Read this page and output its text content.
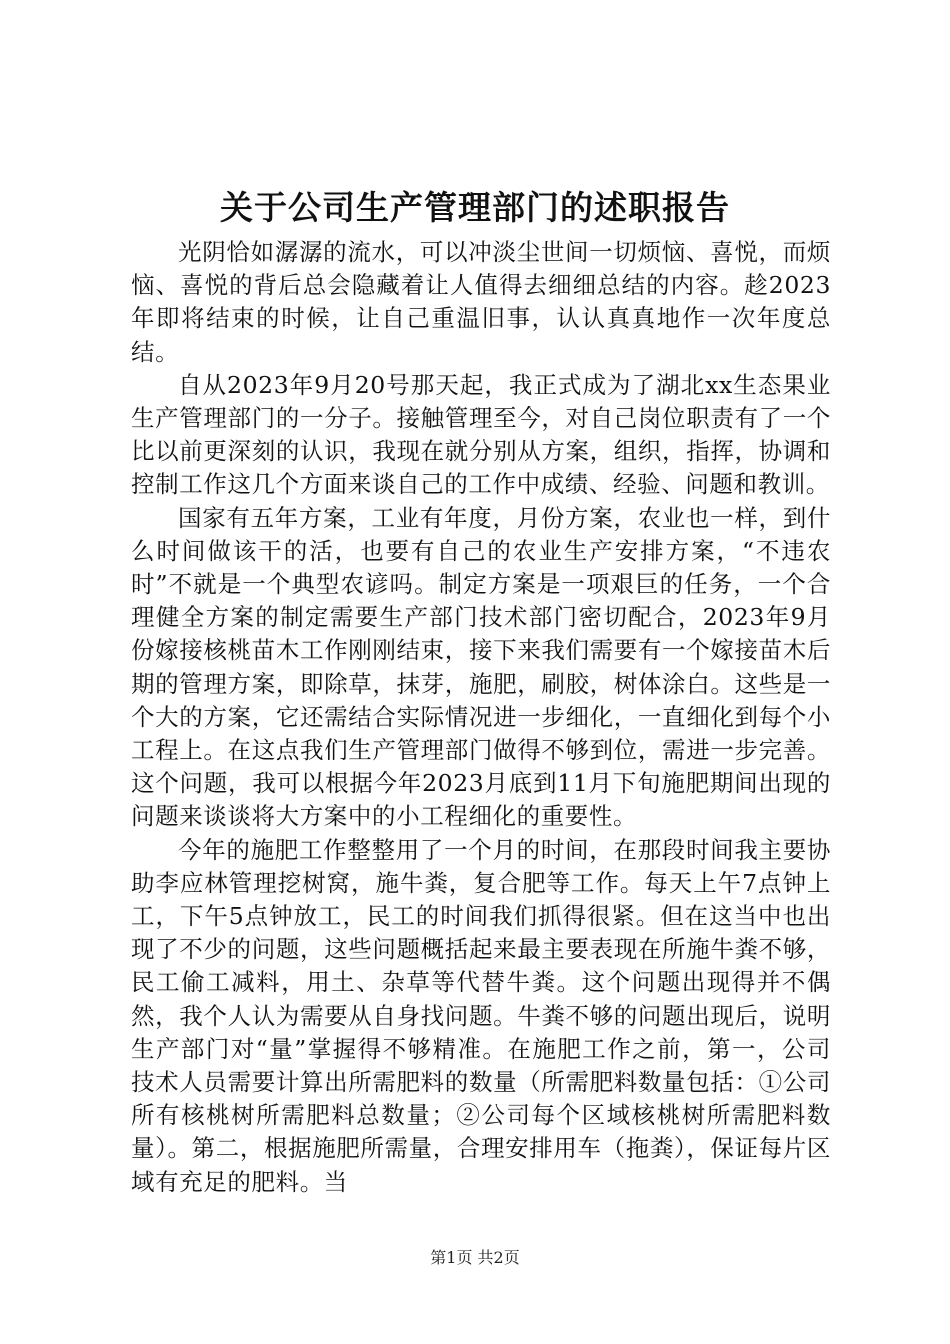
关于公司生产管理部门的述职报告

光阴恰如潺潺的流水，可以冲淡尘世间一切烦恼、喜悦，而烦恼、喜悦的背后总会隐藏着让人值得去细细总结的内容。趁2023年即将结束的时候，让自己重温旧事，认认真真地作一次年度总结。

自从2023年9月20号那天起，我正式成为了湖北xx生态果业生产管理部门的一分子。接触管理至今，对自己岗位职责有了一个比以前更深刻的认识，我现在就分别从方案，组织，指挥，协调和控制工作这几个方面来谈自己的工作中成绩、经验、问题和教训。

国家有五年方案，工业有年度，月份方案，农业也一样，到什么时间做该干的活，也要有自己的农业生产安排方案，“不违农时”不就是一个典型农谚吗。制定方案是一项艰巨的任务，一个合理健全方案的制定需要生产部门技术部门密切配合，2023年9月份嫁接核桃苗木工作刚刚结束，接下来我们需要有一个嫁接苗木后期的管理方案，即除草，抹芽，施肥，刷胶，树体涂白。这些是一个大的方案，它还需结合实际情况进一步细化，一直细化到每个小工程上。在这点我们生产管理部门做得不够到位，需进一步完善。这个问题，我可以根据今年2023月底到11月下旬施肥期间出现的问题来谈谈将大方案中的小工程细化的重要性。

今年的施肥工作整整用了一个月的时间，在那段时间我主要协助李应林管理挖树窝，施牛粪，复合肥等工作。每天上午7点钟上工，下午5点钟放工，民工的时间我们抓得很紧。但在这当中也出现了不少的问题，这些问题概括起来最主要表现在所施牛粪不够，民工偷工减料，用土、杂草等代替牛粪。这个问题出现得并不偶然，我个人认为需要从自身找问题。牛粪不够的问题出现后，说明生产部门对“量”掌握得不够精准。在施肥工作之前，第一，公司技术人员需要计算出所需肥料的数量（所需肥料数量包括：①公司所有核桃树所需肥料总数量；②公司每个区域核桃树所需肥料数量）。第二，根据施肥所需量，合理安排用车（拖粪），保证每片区域有充足的肥料。当

第1页 共2页
